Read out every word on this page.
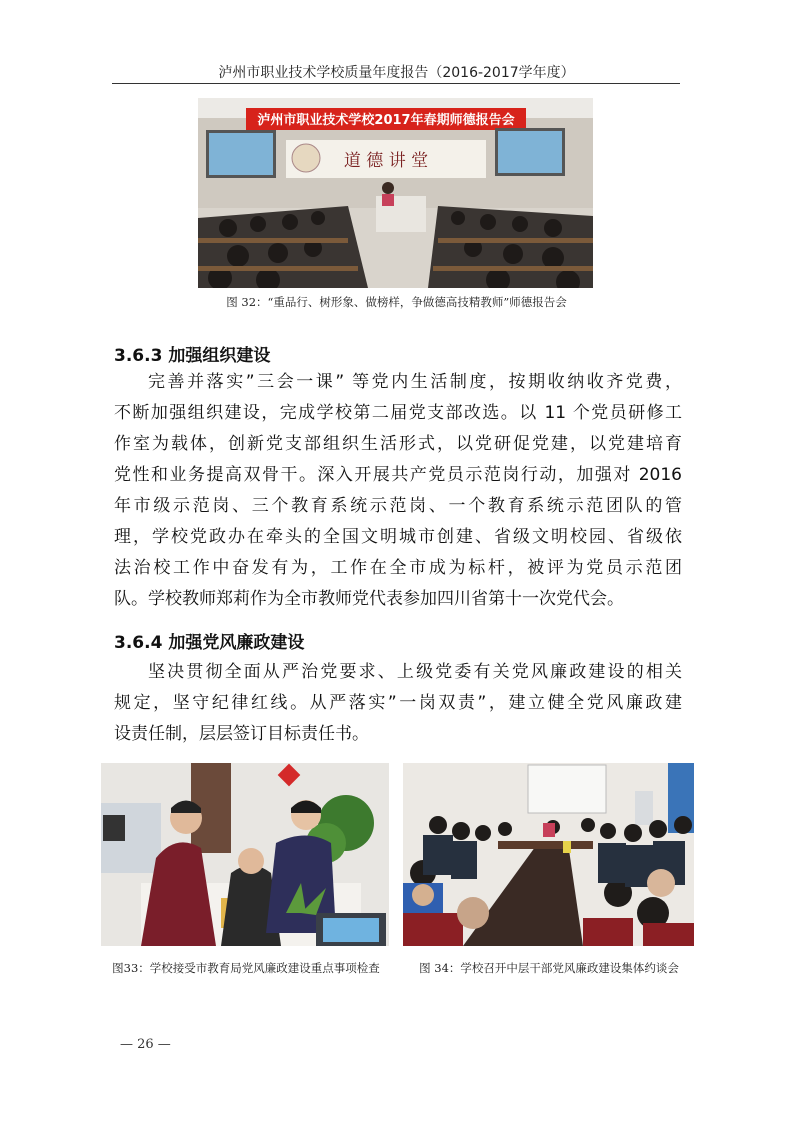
泸州市职业技术学校质量年度报告（2016-2017学年度）
泸州市职业技术学校2017年春期师德报告会
道 德 讲 堂
图 32：“重品行、树形象、做榜样，争做德高技精教师”师德报告会
3.6.3 加强组织建设
完善并落实”三会一课” 等党内生活制度，按期收纳收齐党费，
不断加强组织建设，完成学校第二届党支部改选。以 11 个党员研修工
作室为载体，创新党支部组织生活形式，以党研促党建，以党建培育
党性和业务提高双骨干。深入开展共产党员示范岗行动，加强对 2016
年市级示范岗、三个教育系统示范岗、一个教育系统示范团队的管
理，学校党政办在牵头的全国文明城市创建、省级文明校园、省级依
法治校工作中奋发有为，工作在全市成为标杆，被评为党员示范团
队。学校教师郑莉作为全市教师党代表参加四川省第十一次党代会。
3.6.4 加强党风廉政建设
坚决贯彻全面从严治党要求、上级党委有关党风廉政建设的相关
规定，坚守纪律红线。从严落实”一岗双责”，建立健全党风廉政建
设责任制，层层签订目标责任书。
图33：学校接受市教育局党风廉政建设重点事项检查	图 34：学校召开中层干部党风廉政建设集体约谈会
— 26 —
